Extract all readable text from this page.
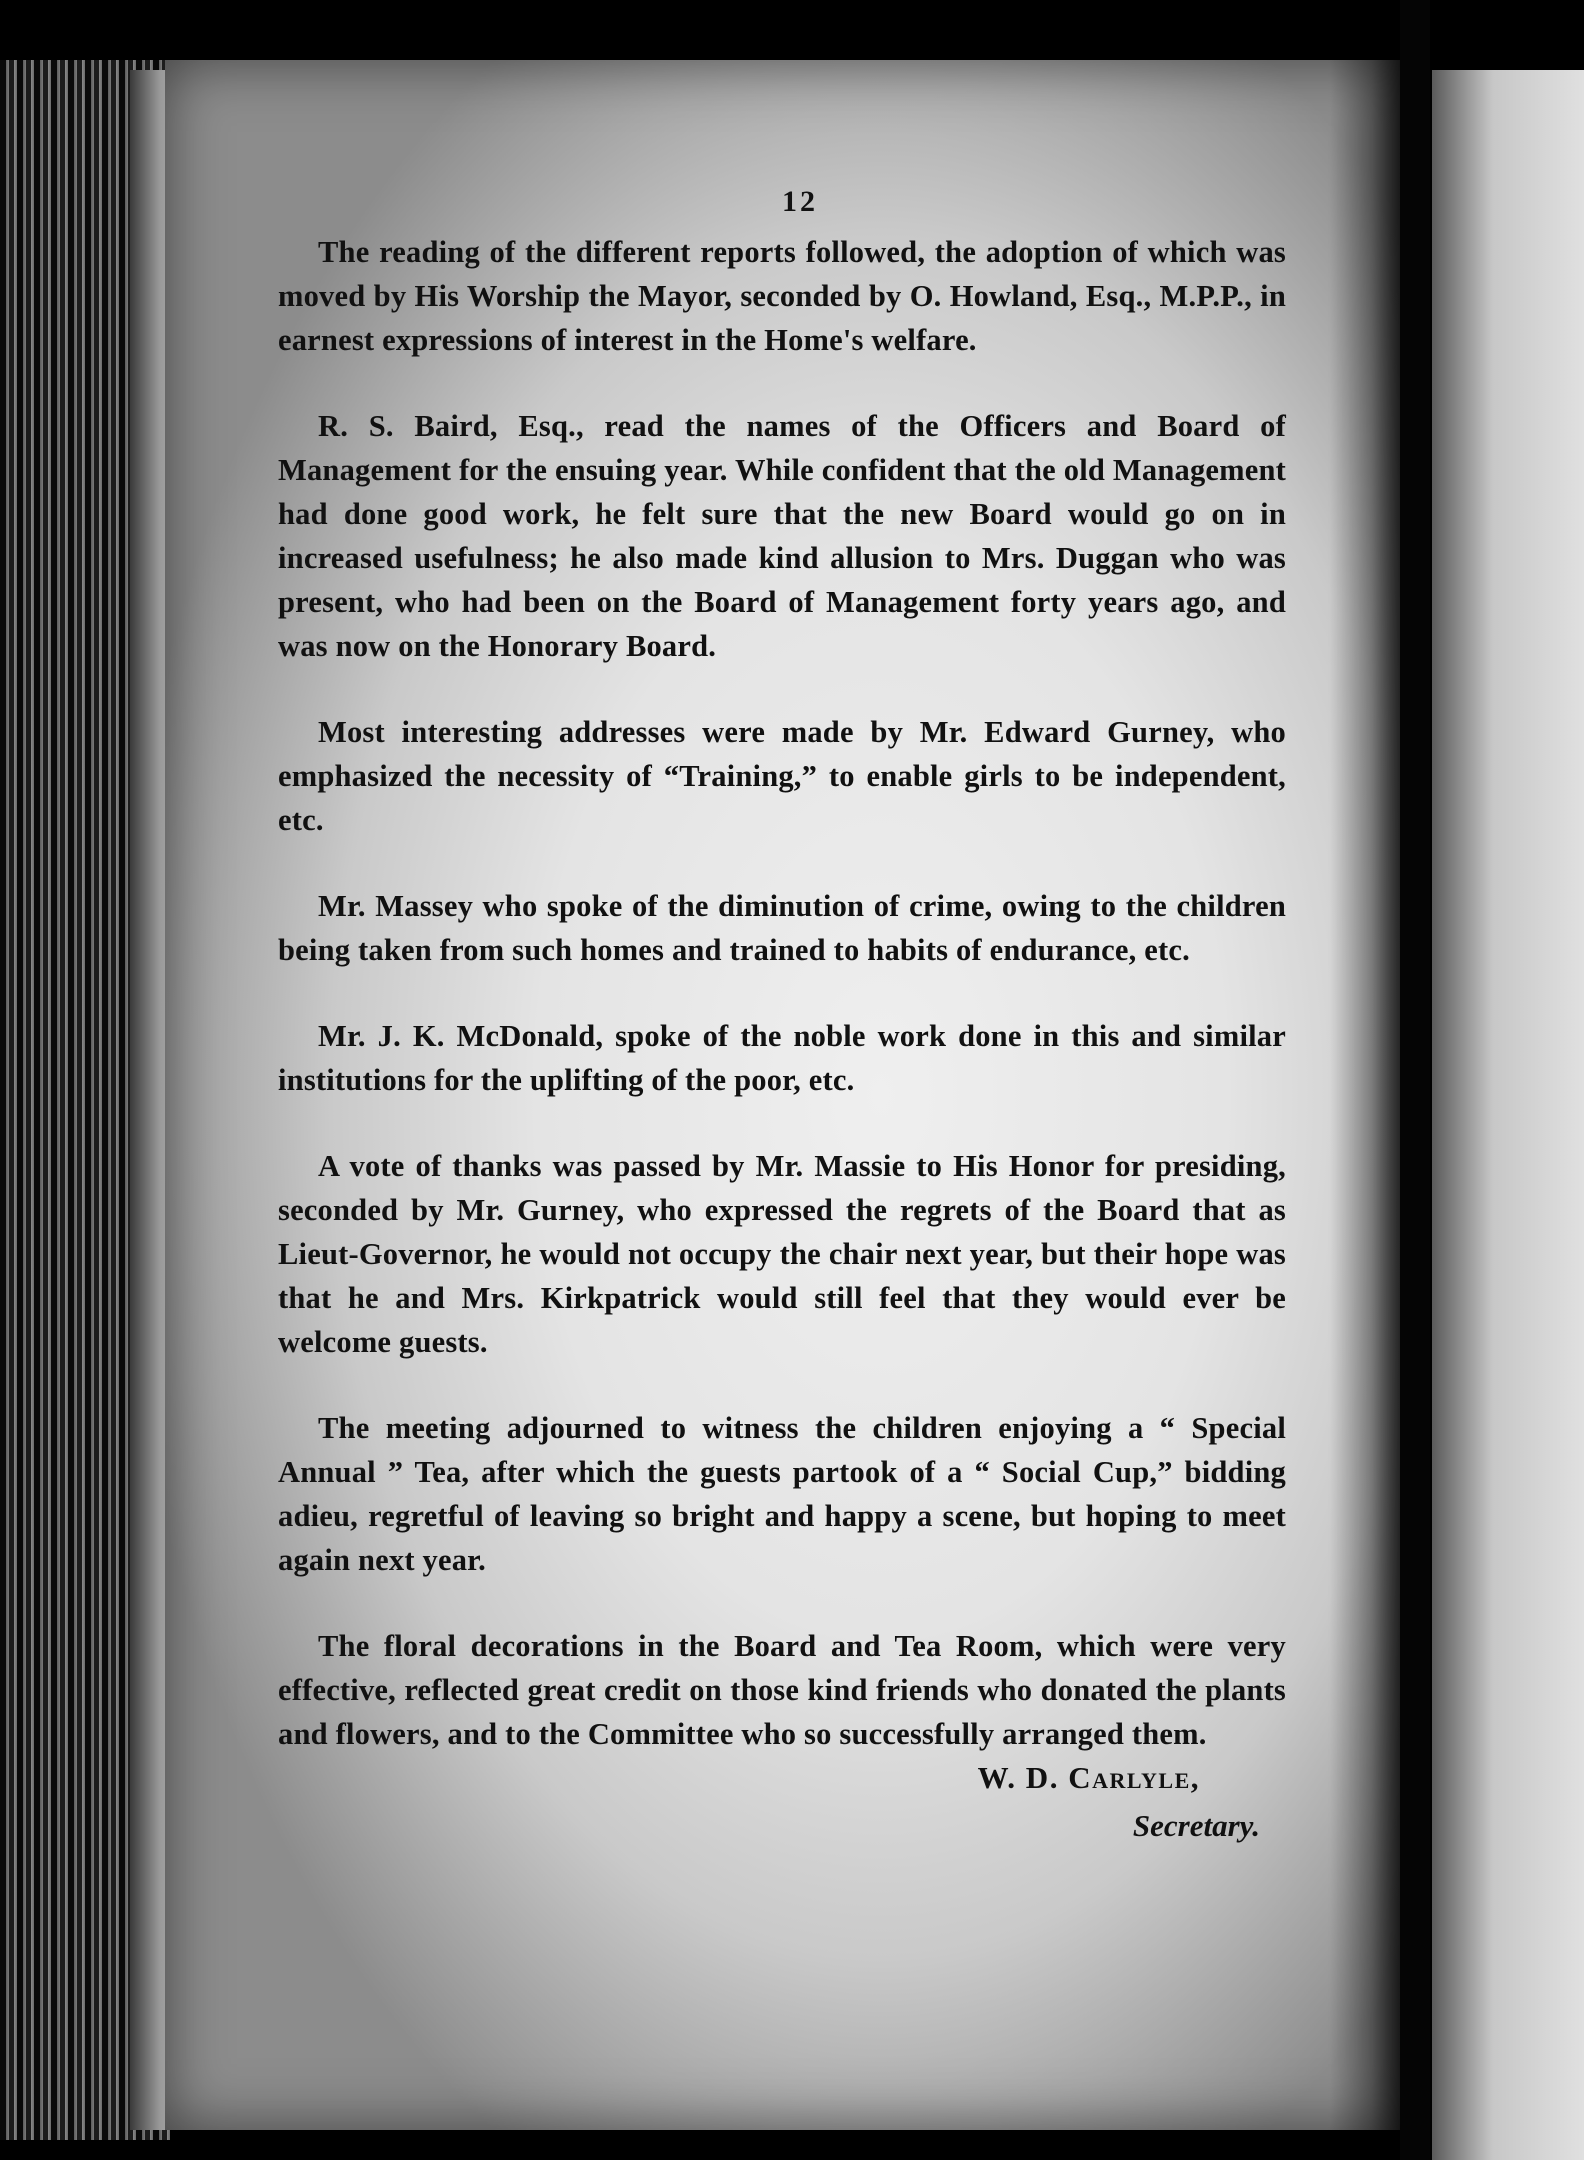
12

The reading of the different reports followed, the adoption of which was moved by His Worship the Mayor, seconded by O. Howland, Esq., M.P.P., in earnest expressions of interest in the Home's welfare.

R. S. Baird, Esq., read the names of the Officers and Board of Management for the ensuing year. While confident that the old Management had done good work, he felt sure that the new Board would go on in increased usefulness; he also made kind allusion to Mrs. Duggan who was present, who had been on the Board of Management forty years ago, and was now on the Honorary Board.

Most interesting addresses were made by Mr. Edward Gurney, who emphasized the necessity of “Training,” to enable girls to be independent, etc.

Mr. Massey who spoke of the diminution of crime, owing to the children being taken from such homes and trained to habits of endurance, etc.

Mr. J. K. McDonald, spoke of the noble work done in this and similar institutions for the uplifting of the poor, etc.

A vote of thanks was passed by Mr. Massie to His Honor for presiding, seconded by Mr. Gurney, who expressed the regrets of the Board that as Lieut-Governor, he would not occupy the chair next year, but their hope was that he and Mrs. Kirkpatrick would still feel that they would ever be welcome guests.

The meeting adjourned to witness the children enjoying a “ Special Annual ” Tea, after which the guests partook of a “ Social Cup,” bidding adieu, regretful of leaving so bright and happy a scene, but hoping to meet again next year.

The floral decorations in the Board and Tea Room, which were very effective, reflected great credit on those kind friends who donated the plants and flowers, and to the Committee who so successfully arranged them.

W. D. Carlyle,
Secretary.
